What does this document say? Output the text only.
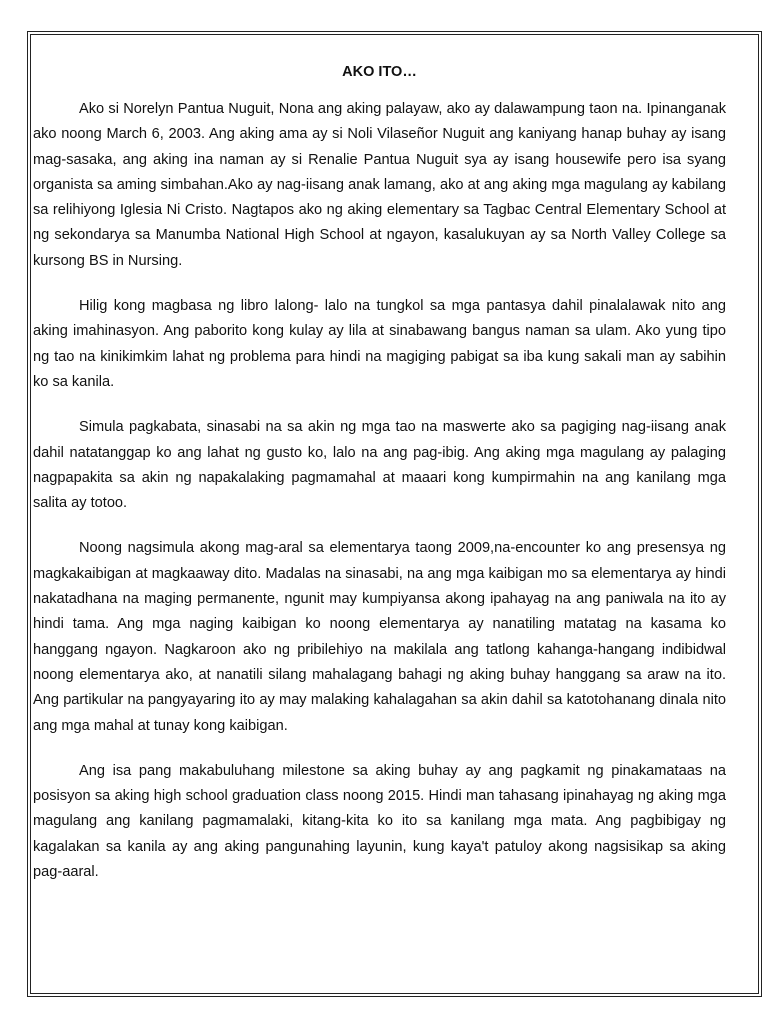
AKO ITO…

Ako si Norelyn Pantua Nuguit, Nona ang aking palayaw, ako ay dalawampung taon na. Ipinanganak ako noong March 6, 2003. Ang aking ama ay si Noli Vilaseñor Nuguit ang kaniyang hanap buhay ay isang mag-sasaka, ang aking ina naman ay si Renalie Pantua Nuguit sya ay isang housewife pero isa syang organista sa aming simbahan.Ako ay nag-iisang anak lamang, ako at ang aking mga magulang ay kabilang sa relihiyong Iglesia Ni Cristo. Nagtapos ako ng aking elementary sa Tagbac Central Elementary School at ng sekondarya sa Manumba National High School at ngayon, kasalukuyan ay sa North Valley College sa kursong BS in Nursing.

Hilig kong magbasa ng libro lalong- lalo na tungkol sa mga pantasya dahil pinalalawak nito ang aking imahinasyon. Ang paborito kong kulay ay lila at sinabawang bangus naman sa ulam. Ako yung tipo ng tao na kinikimkim lahat ng problema para hindi na magiging pabigat sa iba kung sakali man ay sabihin ko sa kanila.

Simula pagkabata, sinasabi na sa akin ng mga tao na maswerte ako sa pagiging nag-iisang anak dahil natatanggap ko ang lahat ng gusto ko, lalo na ang pag-ibig. Ang aking mga magulang ay palaging nagpapakita sa akin ng napakalaking pagmamahal at maaari kong kumpirmahin na ang kanilang mga salita ay totoo.

Noong nagsimula akong mag-aral sa elementarya taong 2009,na-encounter ko ang presensya ng magkakaibigan at magkaaway dito. Madalas na sinasabi, na ang mga kaibigan mo sa elementarya ay hindi nakatadhana na maging permanente, ngunit may kumpiyansa akong ipahayag na ang paniwala na ito ay hindi tama. Ang mga naging kaibigan ko noong elementarya ay nanatiling matatag na kasama ko hanggang ngayon. Nagkaroon ako ng pribilehiyo na makilala ang tatlong kahanga-hangang indibidwal noong elementarya ako, at nanatili silang mahalagang bahagi ng aking buhay hanggang sa araw na ito. Ang partikular na pangyayaring ito ay may malaking kahalagahan sa akin dahil sa katotohanang dinala nito ang mga mahal at tunay kong kaibigan.

Ang isa pang makabuluhang milestone sa aking buhay ay ang pagkamit ng pinakamataas na posisyon sa aking high school graduation class noong 2015. Hindi man tahasang ipinahayag ng aking mga magulang ang kanilang pagmamalaki, kitang-kita ko ito sa kanilang mga mata. Ang pagbibigay ng kagalakan sa kanila ay ang aking pangunahing layunin, kung kaya't patuloy akong nagsisikap sa aking pag-aaral.
